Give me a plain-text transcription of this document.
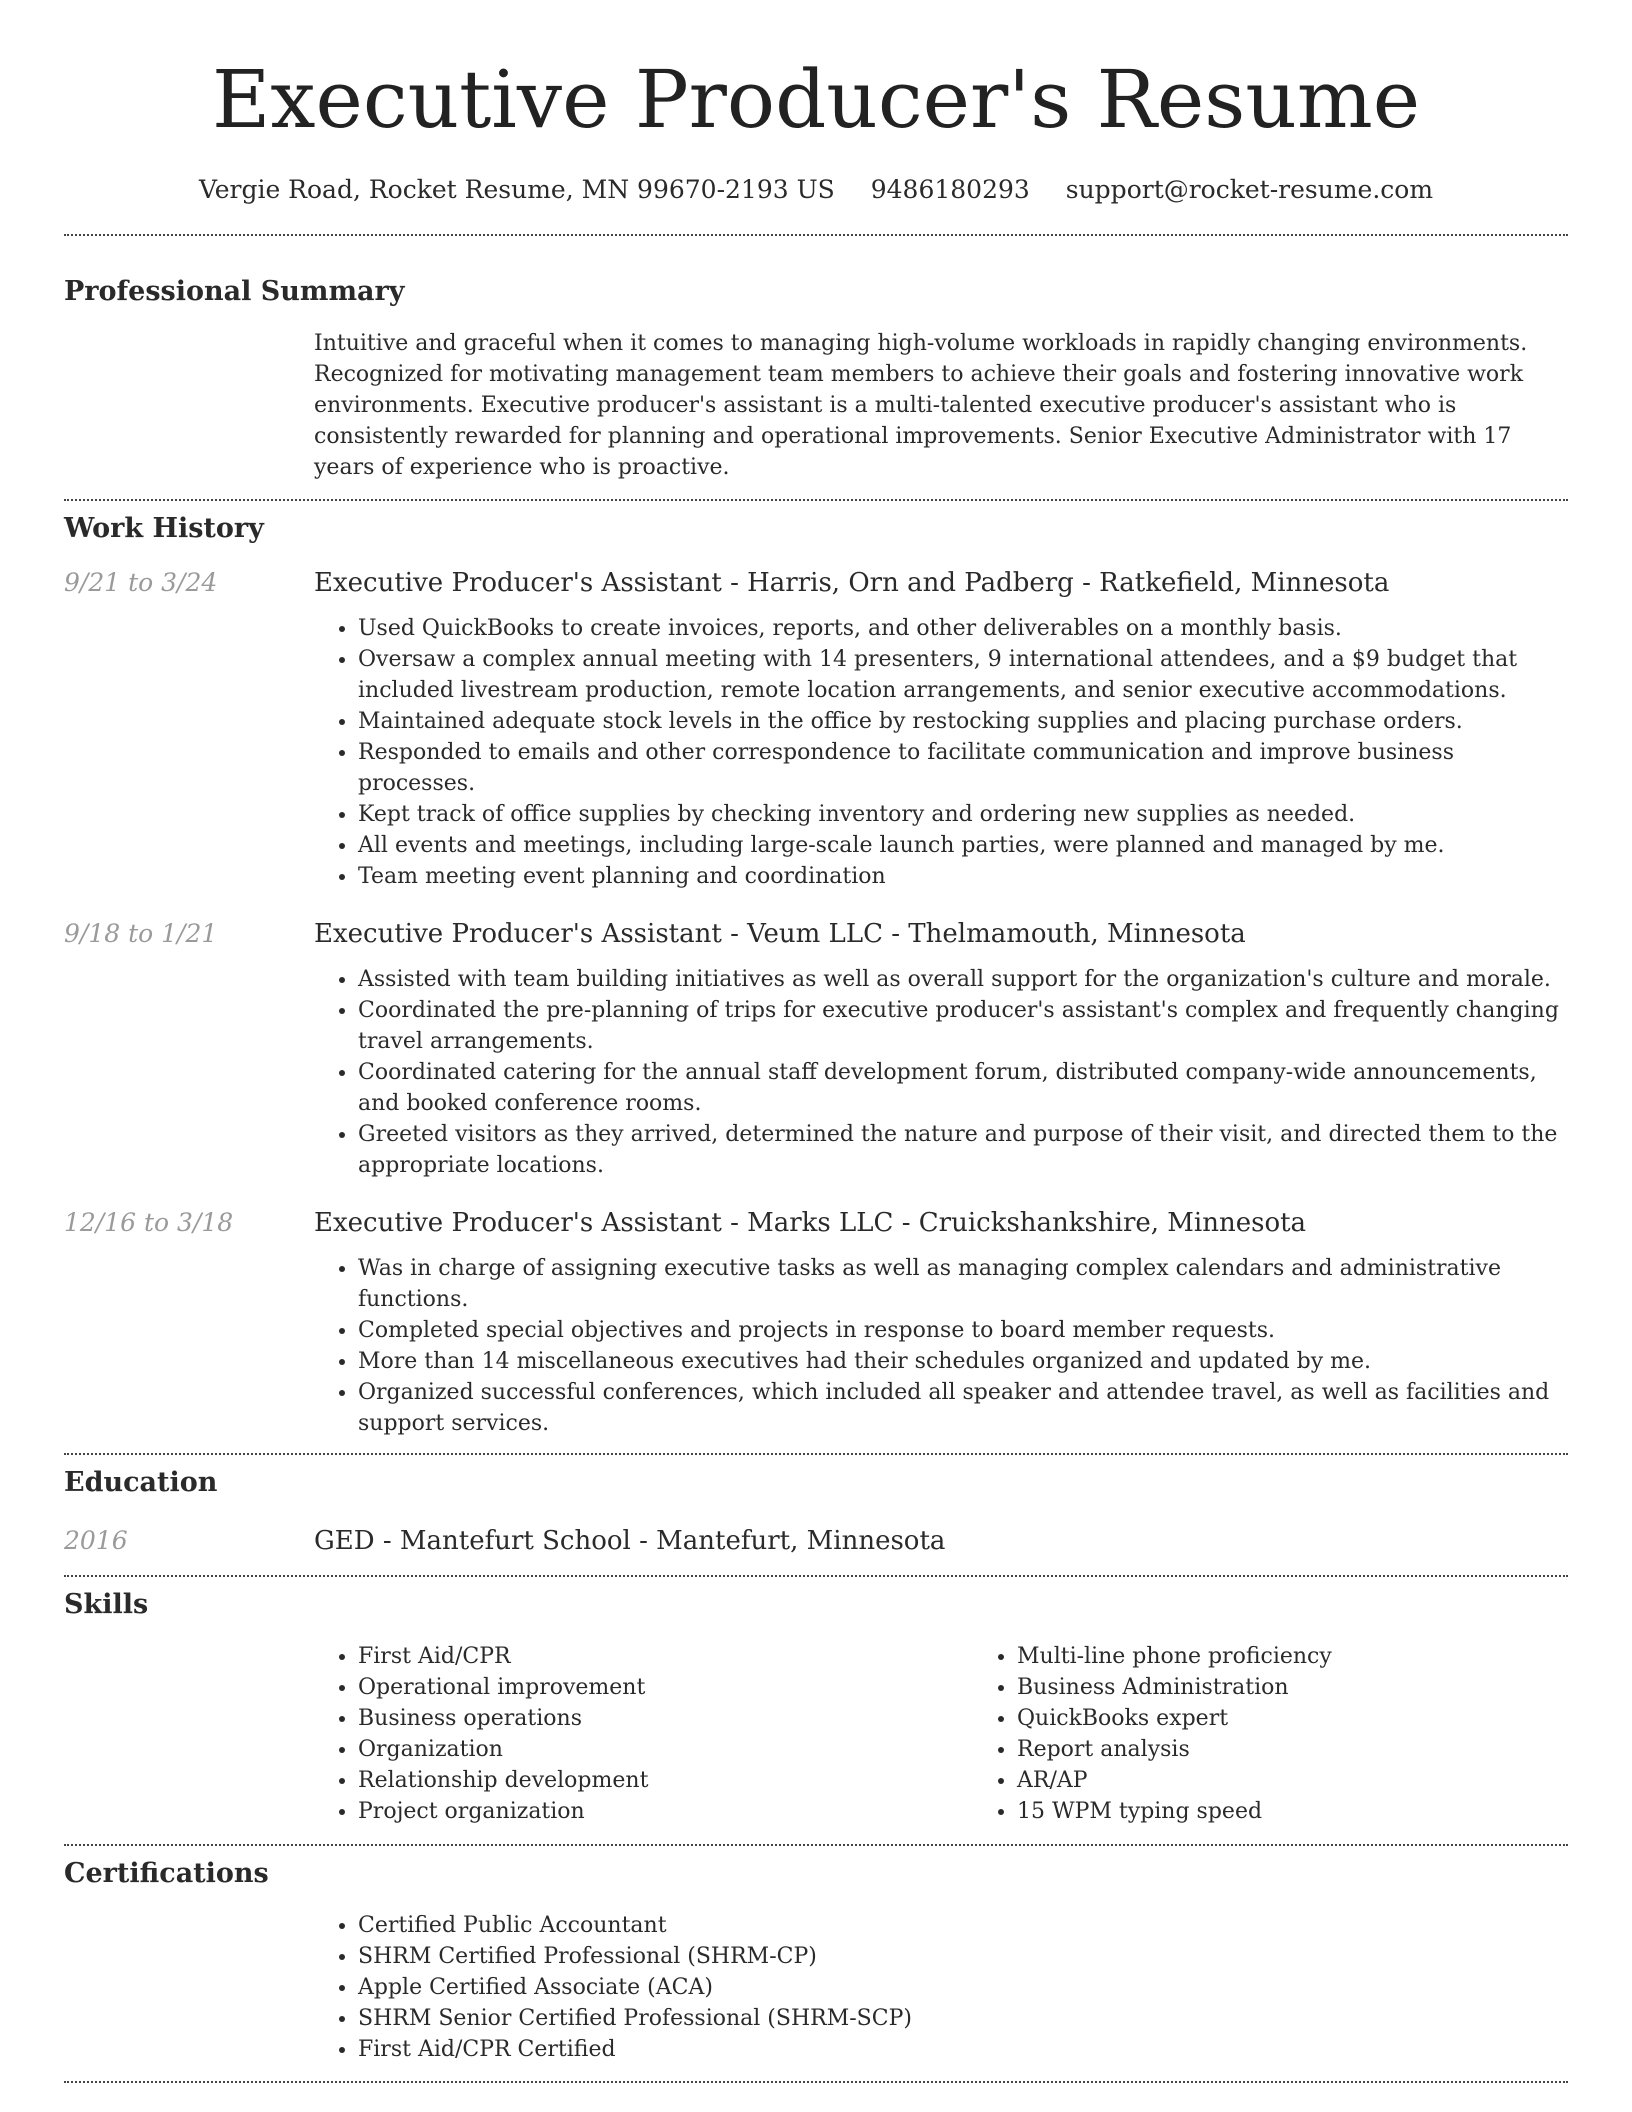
Executive Producer's Resume
Vergie Road, Rocket Resume, MN 99670-2193 US 9486180293 support@rocket-resume.com
Professional Summary
Intuitive and graceful when it comes to managing high-volume workloads in rapidly changing environments. Recognized for motivating management team members to achieve their goals and fostering innovative work environments. Executive producer's assistant is a multi-talented executive producer's assistant who is consistently rewarded for planning and operational improvements. Senior Executive Administrator with 17 years of experience who is proactive.
Work History
9/21 to 3/24	Executive Producer's Assistant - Harris, Orn and Padberg - Ratkefield, Minnesota
• Used QuickBooks to create invoices, reports, and other deliverables on a monthly basis.
• Oversaw a complex annual meeting with 14 presenters, 9 international attendees, and a $9 budget that included livestream production, remote location arrangements, and senior executive accommodations.
• Maintained adequate stock levels in the office by restocking supplies and placing purchase orders.
• Responded to emails and other correspondence to facilitate communication and improve business processes.
• Kept track of office supplies by checking inventory and ordering new supplies as needed.
• All events and meetings, including large-scale launch parties, were planned and managed by me.
• Team meeting event planning and coordination
9/18 to 1/21	Executive Producer's Assistant - Veum LLC - Thelmamouth, Minnesota
• Assisted with team building initiatives as well as overall support for the organization's culture and morale.
• Coordinated the pre-planning of trips for executive producer's assistant's complex and frequently changing travel arrangements.
• Coordinated catering for the annual staff development forum, distributed company-wide announcements, and booked conference rooms.
• Greeted visitors as they arrived, determined the nature and purpose of their visit, and directed them to the appropriate locations.
12/16 to 3/18	Executive Producer's Assistant - Marks LLC - Cruickshankshire, Minnesota
• Was in charge of assigning executive tasks as well as managing complex calendars and administrative functions.
• Completed special objectives and projects in response to board member requests.
• More than 14 miscellaneous executives had their schedules organized and updated by me.
• Organized successful conferences, which included all speaker and attendee travel, as well as facilities and support services.
Education
2016	GED - Mantefurt School - Mantefurt, Minnesota
Skills
• First Aid/CPR
• Operational improvement
• Business operations
• Organization
• Relationship development
• Project organization
• Multi-line phone proficiency
• Business Administration
• QuickBooks expert
• Report analysis
• AR/AP
• 15 WPM typing speed
Certifications
• Certified Public Accountant
• SHRM Certified Professional (SHRM-CP)
• Apple Certified Associate (ACA)
• SHRM Senior Certified Professional (SHRM-SCP)
• First Aid/CPR Certified
